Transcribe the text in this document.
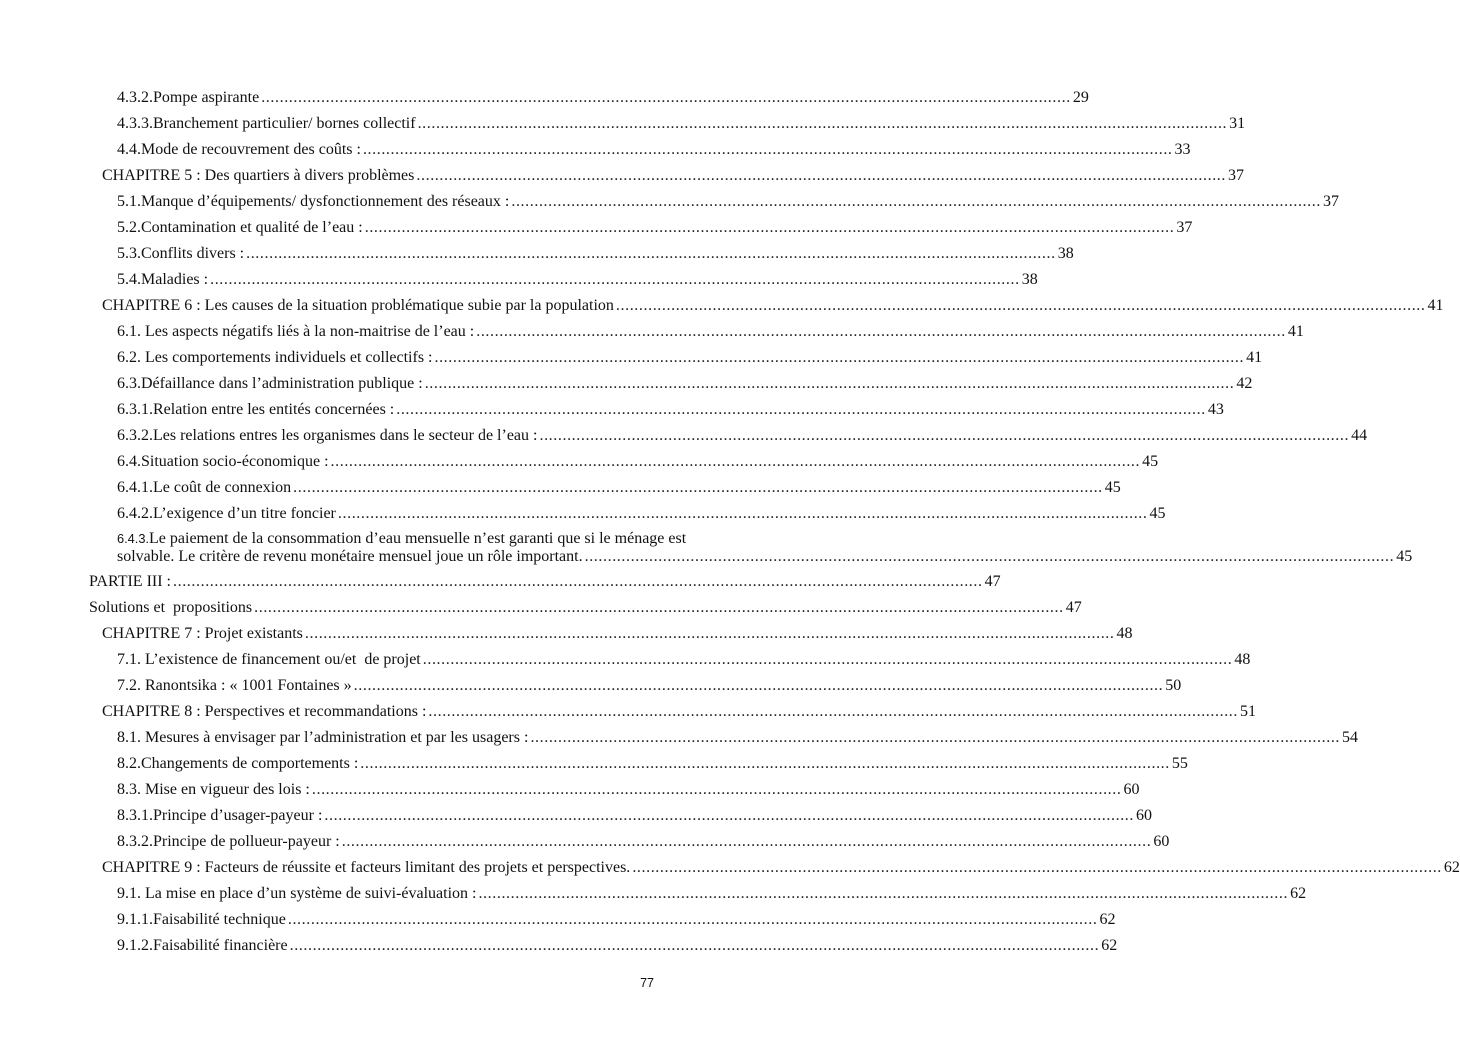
4.3.2. Pompe aspirante ................................................................................................................................................................................ 29
4.3.3. Branchement particulier/ bornes collectif ................................................................................................................................................................................ 31
4.4. Mode de recouvrement des coûts : ................................................................................................................................................................................ 33
CHAPITRE 5 : Des quartiers à divers problèmes ................................................................................................................................................................................ 37
5.1. Manque d’équipements/ dysfonctionnement des réseaux : ................................................................................................................................................................................ 37
5.2. Contamination et qualité de l’eau : ................................................................................................................................................................................ 37
5.3. Conflits divers : ................................................................................................................................................................................ 38
5.4. Maladies : ................................................................................................................................................................................ 38
CHAPITRE 6 : Les causes de la situation problématique subie par la population ................................................................................................................................................................................ 41
6.1. Les aspects négatifs liés à la non-maitrise de l’eau : ................................................................................................................................................................................ 41
6.2. Les comportements individuels et collectifs : ................................................................................................................................................................................ 41
6.3. Défaillance dans l’administration publique : ................................................................................................................................................................................ 42
6.3.1. Relation entre les entités concernées : ................................................................................................................................................................................ 43
6.3.2. Les relations entres les organismes dans le secteur de l’eau : ................................................................................................................................................................................ 44
6.4. Situation socio-économique : ................................................................................................................................................................................ 45
6.4.1. Le coût de connexion ................................................................................................................................................................................ 45
6.4.2. L’exigence d’un titre foncier ................................................................................................................................................................................ 45
6.4.3. Le paiement de la consommation d’eau mensuelle n’est garanti que si le ménage est
solvable. Le critère de revenu monétaire mensuel joue un rôle important. ................................................................................................................................................................................ 45
PARTIE III : ................................................................................................................................................................................ 47
Solutions et  propositions ................................................................................................................................................................................ 47
CHAPITRE 7 : Projet existants ................................................................................................................................................................................ 48
7.1. L’existence de financement ou/et  de projet ................................................................................................................................................................................ 48
7.2. Ranontsika : « 1001 Fontaines » ................................................................................................................................................................................ 50
CHAPITRE 8 : Perspectives et recommandations : ................................................................................................................................................................................ 51
8.1. Mesures à envisager par l’administration et par les usagers : ................................................................................................................................................................................ 54
8.2. Changements de comportements : ................................................................................................................................................................................ 55
8.3. Mise en vigueur des lois : ................................................................................................................................................................................ 60
8.3.1. Principe d’usager-payeur : ................................................................................................................................................................................ 60
8.3.2. Principe de pollueur-payeur : ................................................................................................................................................................................ 60
CHAPITRE 9 : Facteurs de réussite et facteurs limitant des projets et perspectives. ................................................................................................................................................................................ 62
9.1. La mise en place d’un système de suivi-évaluation : ................................................................................................................................................................................ 62
9.1.1. Faisabilité technique ................................................................................................................................................................................ 62
9.1.2. Faisabilité financière ................................................................................................................................................................................ 62
77
